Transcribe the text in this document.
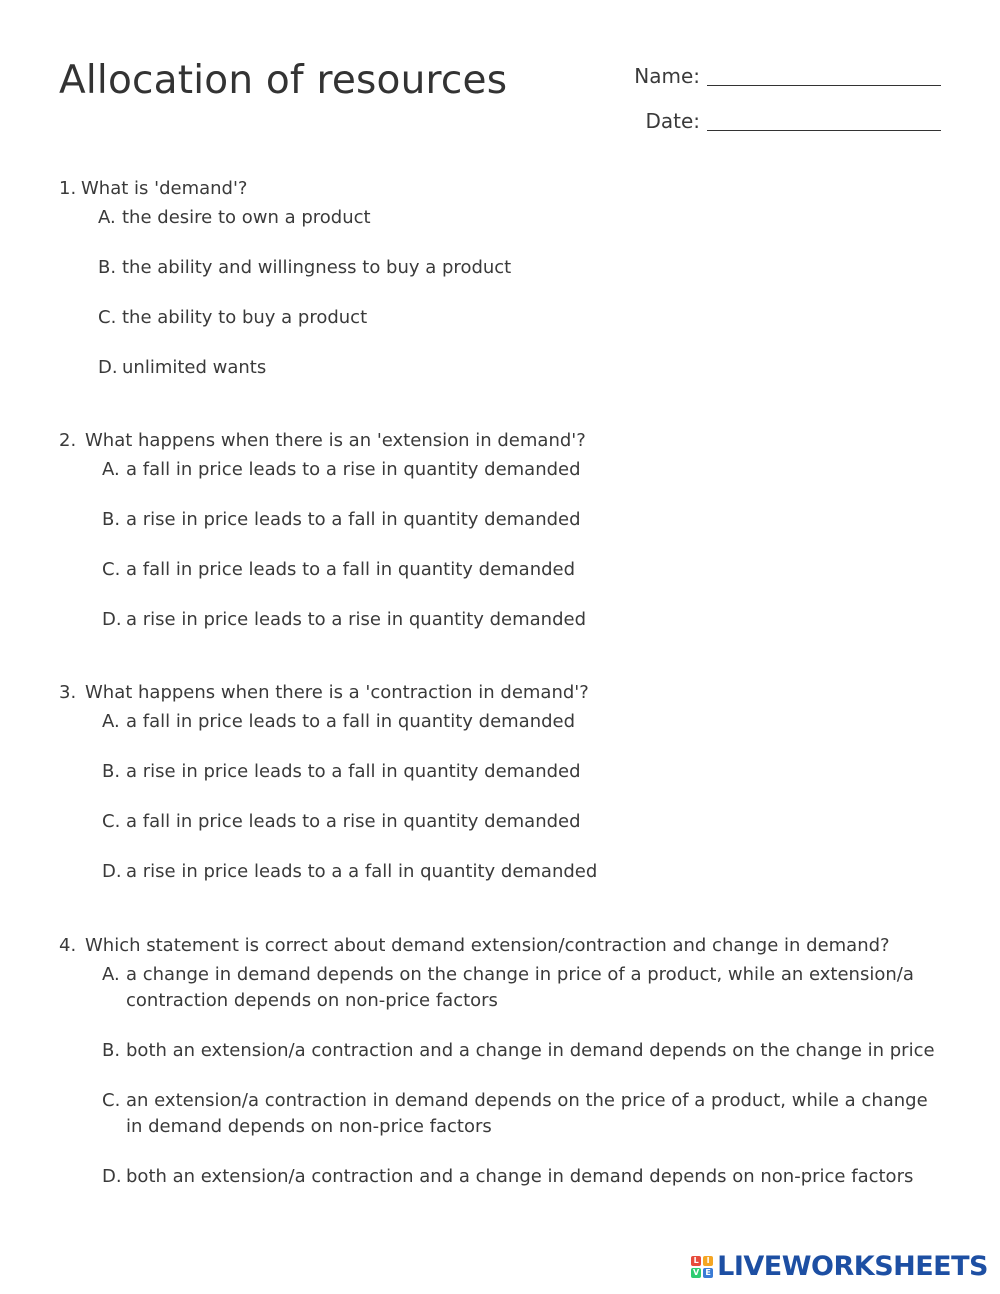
Allocation of resources	Name:
Date:
1. What is 'demand'?
A. the desire to own a product
B. the ability and willingness to buy a product
C. the ability to buy a product
D. unlimited wants
2. What happens when there is an 'extension in demand'?
A. a fall in price leads to a rise in quantity demanded
B. a rise in price leads to a fall in quantity demanded
C. a fall in price leads to a fall in quantity demanded
D. a rise in price leads to a rise in quantity demanded
3. What happens when there is a 'contraction in demand'?
A. a fall in price leads to a fall in quantity demanded
B. a rise in price leads to a fall in quantity demanded
C. a fall in price leads to a rise in quantity demanded
D. a rise in price leads to a a fall in quantity demanded
4. Which statement is correct about demand extension/contraction and change in demand?
A. a change in demand depends on the change in price of a product, while an extension/a contraction depends on non-price factors
B. both an extension/a contraction and a change in demand depends on the change in price
C. an extension/a contraction in demand depends on the price of a product, while a change in demand depends on non-price factors
D. both an extension/a contraction and a change in demand depends on non-price factors
L I
V E LIVEWORKSHEETS
